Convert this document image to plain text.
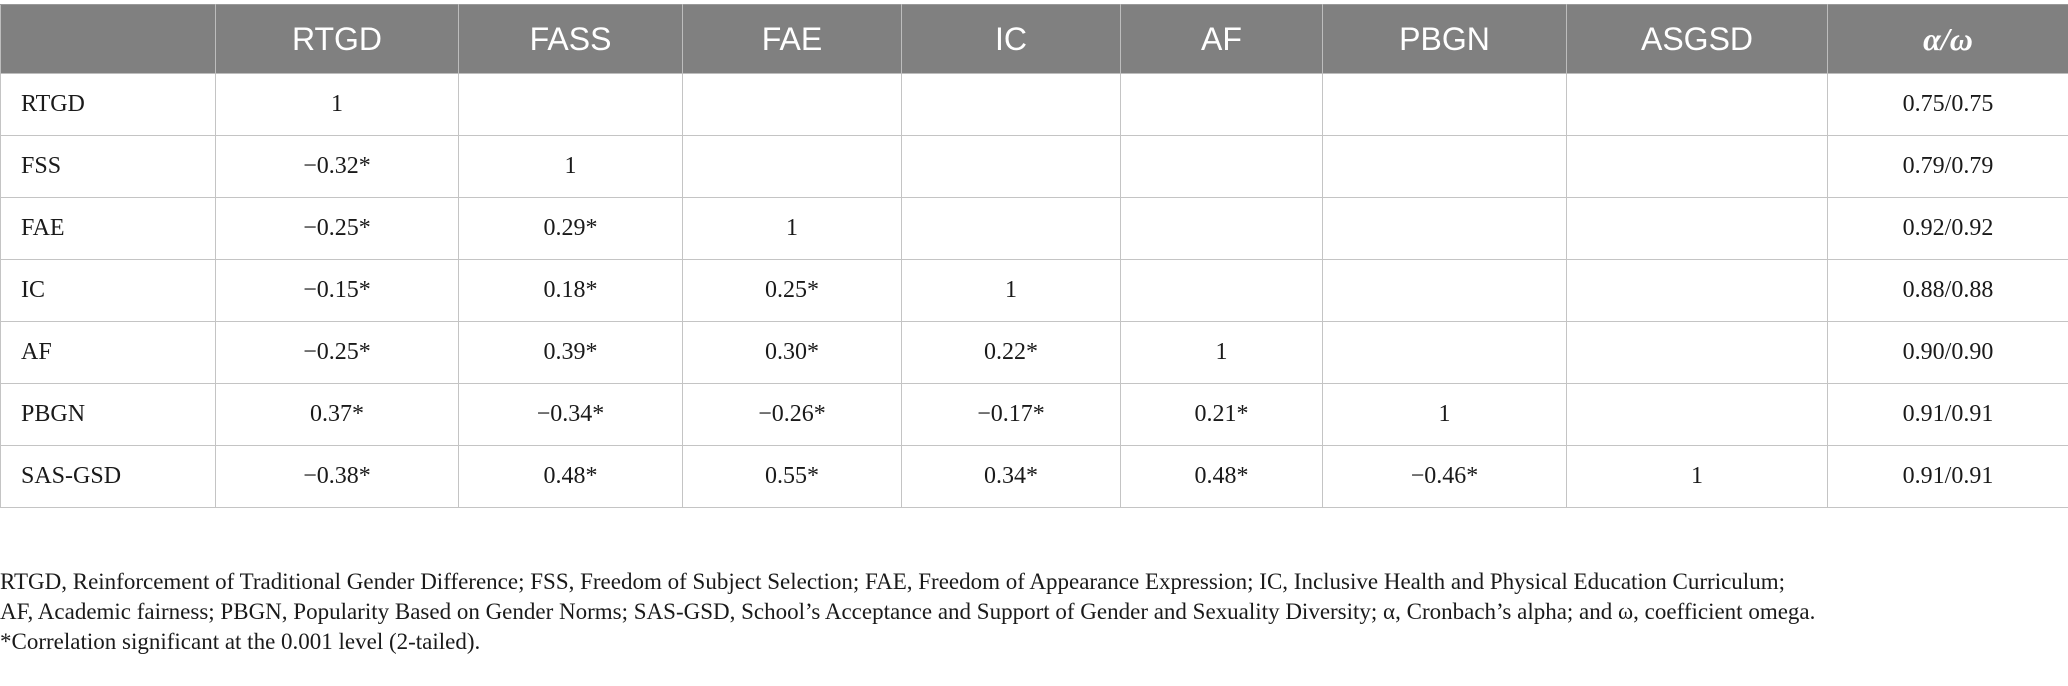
	RTGD	FASS	FAE	IC	AF	PBGN	ASGSD	α/ω
RTGD	1							0.75/0.75
FSS	−0.32*	1						0.79/0.79
FAE	−0.25*	0.29*	1					0.92/0.92
IC	−0.15*	0.18*	0.25*	1				0.88/0.88
AF	−0.25*	0.39*	0.30*	0.22*	1			0.90/0.90
PBGN	0.37*	−0.34*	−0.26*	−0.17*	0.21*	1		0.91/0.91
SAS-GSD	−0.38*	0.48*	0.55*	0.34*	0.48*	−0.46*	1	0.91/0.91

RTGD, Reinforcement of Traditional Gender Difference; FSS, Freedom of Subject Selection; FAE, Freedom of Appearance Expression; IC, Inclusive Health and Physical Education Curriculum;

AF, Academic fairness; PBGN, Popularity Based on Gender Norms; SAS-GSD, School’s Acceptance and Support of Gender and Sexuality Diversity; α, Cronbach’s alpha; and ω, coefficient omega.

*Correlation significant at the 0.001 level (2-tailed).
